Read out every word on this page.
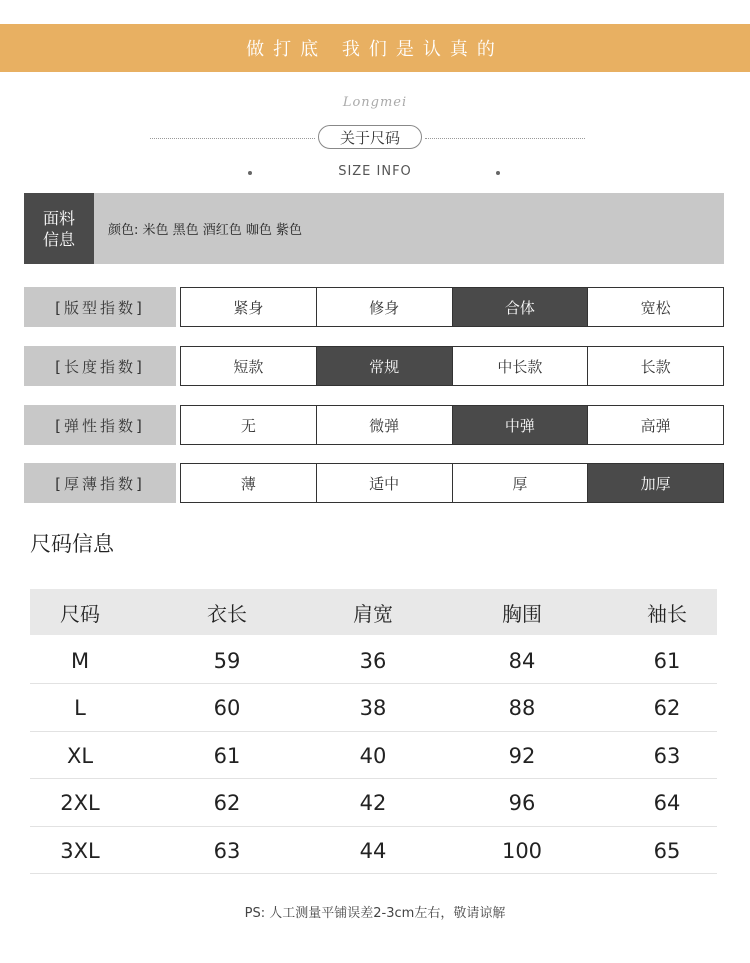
做打底 我们是认真的
Longmei
关于尺码
SIZE INFO
面料
信息	颜色: 米色 黑色 酒红色 咖色 紫色
[版型指数]	紧身	修身	合体	宽松
[长度指数]	短款	常规	中长款	长款
[弹性指数]	无	微弹	中弹	高弹
[厚薄指数]	薄	适中	厚	加厚
尺码信息
尺码	衣长	肩宽	胸围	袖长
M	59	36	84	61
L	60	38	88	62
XL	61	40	92	63
2XL	62	42	96	64
3XL	63	44	100	65
PS: 人工测量平铺误差2-3cm左右，敬请谅解
